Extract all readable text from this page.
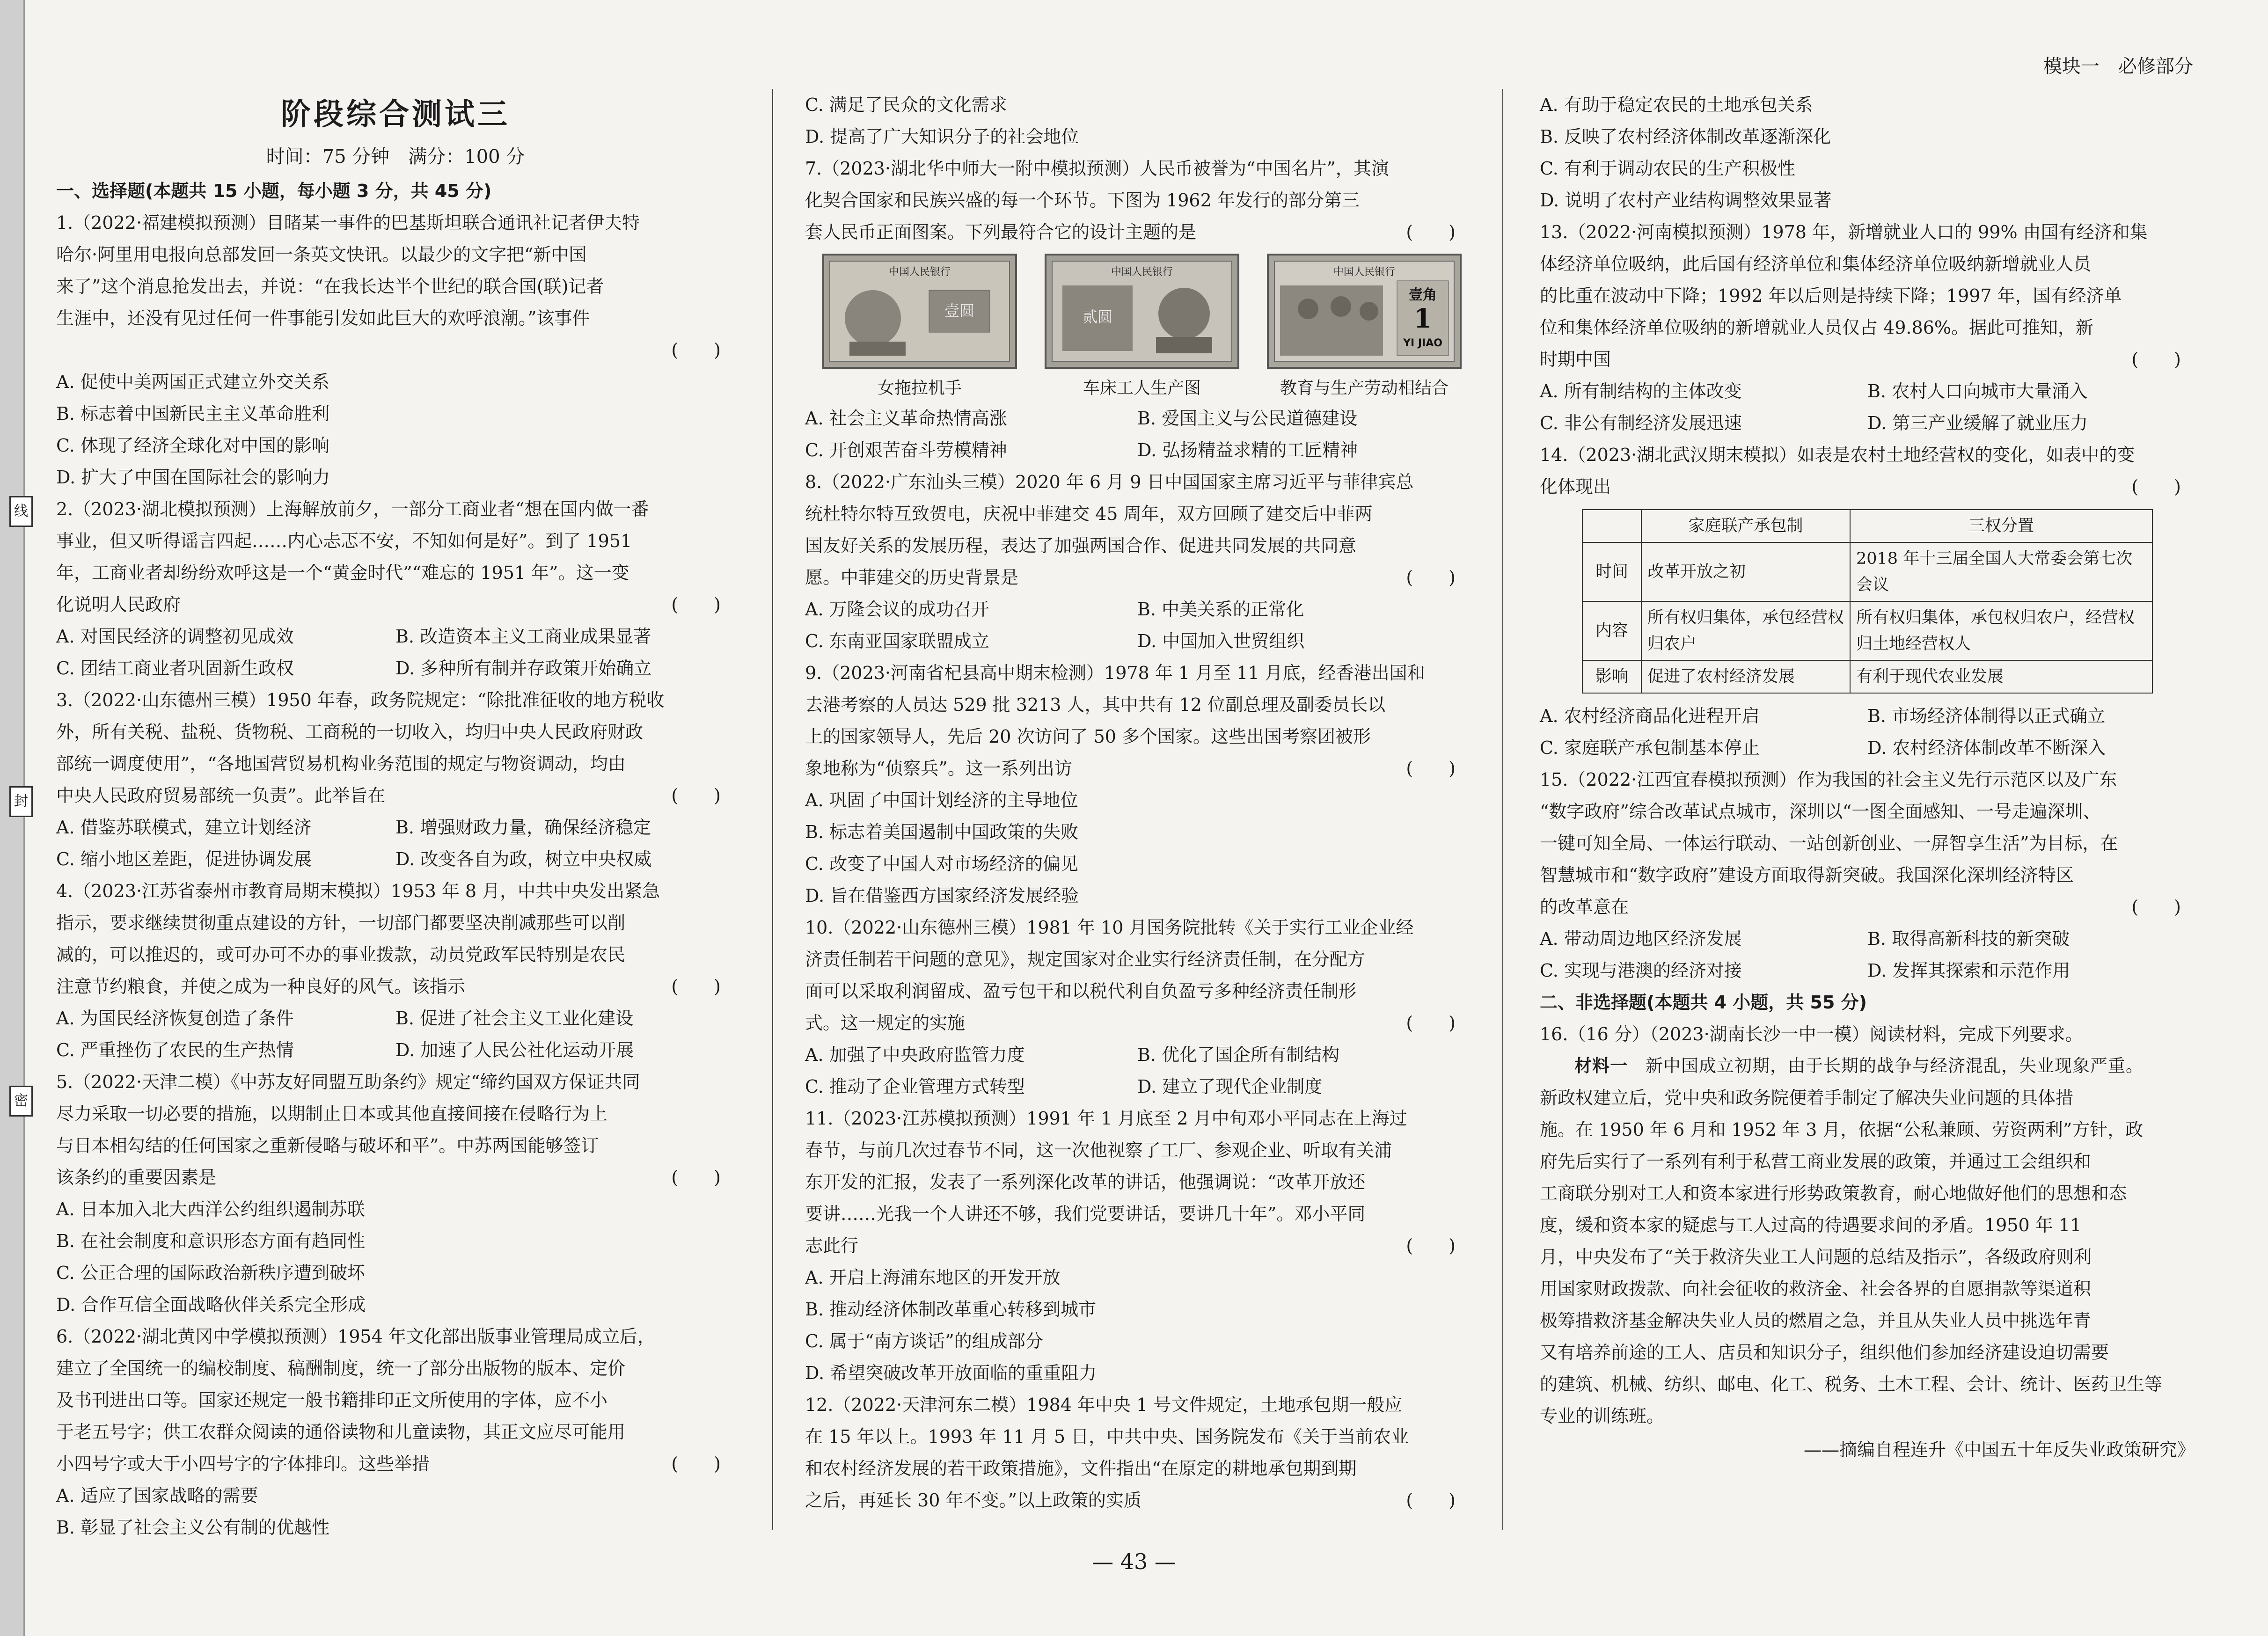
线
封
密
模块一　必修部分
阶段综合测试三
时间：75 分钟　满分：100 分
一、选择题(本题共 15 小题，每小题 3 分，共 45 分)

1.（2022·福建模拟预测）目睹某一事件的巴基斯坦联合通讯社记者伊夫特

哈尔·阿里用电报向总部发回一条英文快讯。以最少的文字把“新中国

来了”这个消息抢发出去，并说：“在我长达半个世纪的联合国(联)记者

生涯中，还没有见过任何一件事能引发如此巨大的欢呼浪潮。”该事件

(　　)

A. 促使中美两国正式建立外交关系

B. 标志着中国新民主主义革命胜利

C. 体现了经济全球化对中国的影响

D. 扩大了中国在国际社会的影响力

2.（2023·湖北模拟预测）上海解放前夕，一部分工商业者“想在国内做一番

事业，但又听得谣言四起……内心忐忑不安，不知如何是好”。到了 1951

年，工商业者却纷纷欢呼这是一个“黄金时代”“难忘的 1951 年”。这一变

化说明人民政府	(　　)

A. 对国民经济的调整初见成效	B. 改造资本主义工商业成果显著
C. 团结工商业者巩固新生政权	D. 多种所有制并存政策开始确立

3.（2022·山东德州三模）1950 年春，政务院规定：“除批准征收的地方税收

外，所有关税、盐税、货物税、工商税的一切收入，均归中央人民政府财政

部统一调度使用”，“各地国营贸易机构业务范围的规定与物资调动，均由

中央人民政府贸易部统一负责”。此举旨在	(　　)

A. 借鉴苏联模式，建立计划经济	B. 增强财政力量，确保经济稳定
C. 缩小地区差距，促进协调发展	D. 改变各自为政，树立中央权威

4.（2023·江苏省泰州市教育局期末模拟）1953 年 8 月，中共中央发出紧急

指示，要求继续贯彻重点建设的方针，一切部门都要坚决削减那些可以削

减的，可以推迟的，或可办可不办的事业拨款，动员党政军民特别是农民

注意节约粮食，并使之成为一种良好的风气。该指示	(　　)

A. 为国民经济恢复创造了条件	B. 促进了社会主义工业化建设
C. 严重挫伤了农民的生产热情	D. 加速了人民公社化运动开展

5.（2022·天津二模）《中苏友好同盟互助条约》规定“缔约国双方保证共同

尽力采取一切必要的措施，以期制止日本或其他直接间接在侵略行为上

与日本相勾结的任何国家之重新侵略与破坏和平”。中苏两国能够签订

该条约的重要因素是	(　　)

A. 日本加入北大西洋公约组织遏制苏联

B. 在社会制度和意识形态方面有趋同性

C. 公正合理的国际政治新秩序遭到破坏

D. 合作互信全面战略伙伴关系完全形成

6.（2022·湖北黄冈中学模拟预测）1954 年文化部出版事业管理局成立后，

建立了全国统一的编校制度、稿酬制度，统一了部分出版物的版本、定价

及书刊进出口等。国家还规定一般书籍排印正文所使用的字体，应不小

于老五号字；供工农群众阅读的通俗读物和儿童读物，其正文应尽可能用

小四号字或大于小四号字的字体排印。这些举措	(　　)

A. 适应了国家战略的需要

B. 彰显了社会主义公有制的优越性

C. 满足了民众的文化需求

D. 提高了广大知识分子的社会地位

7.（2023·湖北华中师大一附中模拟预测）人民币被誉为“中国名片”，其演

化契合国家和民族兴盛的每一个环节。下图为 1962 年发行的部分第三

套人民币正面图案。下列最符合它的设计主题的是	(　　)

中国人民银行
壹圆
女拖拉机手
中国人民银行
贰圆
车床工人生产图
中国人民银行
壹角
1
YI JIAO
教育与生产劳动相结合
A. 社会主义革命热情高涨	B. 爱国主义与公民道德建设
C. 开创艰苦奋斗劳模精神	D. 弘扬精益求精的工匠精神

8.（2022·广东汕头三模）2020 年 6 月 9 日中国国家主席习近平与菲律宾总

统杜特尔特互致贺电，庆祝中菲建交 45 周年，双方回顾了建交后中菲两

国友好关系的发展历程，表达了加强两国合作、促进共同发展的共同意

愿。中菲建交的历史背景是	(　　)

A. 万隆会议的成功召开	B. 中美关系的正常化
C. 东南亚国家联盟成立	D. 中国加入世贸组织

9.（2023·河南省杞县高中期末检测）1978 年 1 月至 11 月底，经香港出国和

去港考察的人员达 529 批 3213 人，其中共有 12 位副总理及副委员长以

上的国家领导人，先后 20 次访问了 50 多个国家。这些出国考察团被形

象地称为“侦察兵”。这一系列出访	(　　)

A. 巩固了中国计划经济的主导地位

B. 标志着美国遏制中国政策的失败

C. 改变了中国人对市场经济的偏见

D. 旨在借鉴西方国家经济发展经验

10.（2022·山东德州三模）1981 年 10 月国务院批转《关于实行工业企业经

济责任制若干问题的意见》，规定国家对企业实行经济责任制，在分配方

面可以采取利润留成、盈亏包干和以税代利自负盈亏多种经济责任制形

式。这一规定的实施	(　　)

A. 加强了中央政府监管力度	B. 优化了国企所有制结构
C. 推动了企业管理方式转型	D. 建立了现代企业制度

11.（2023·江苏模拟预测）1991 年 1 月底至 2 月中旬邓小平同志在上海过

春节，与前几次过春节不同，这一次他视察了工厂、参观企业、听取有关浦

东开发的汇报，发表了一系列深化改革的讲话，他强调说：“改革开放还

要讲……光我一个人讲还不够，我们党要讲话，要讲几十年”。邓小平同

志此行	(　　)

A. 开启上海浦东地区的开发开放

B. 推动经济体制改革重心转移到城市

C. 属于“南方谈话”的组成部分

D. 希望突破改革开放面临的重重阻力

12.（2022·天津河东二模）1984 年中央 1 号文件规定，土地承包期一般应

在 15 年以上。1993 年 11 月 5 日，中共中央、国务院发布《关于当前农业

和农村经济发展的若干政策措施》，文件指出“在原定的耕地承包期到期

之后，再延长 30 年不变。”以上政策的实质	(　　)

A. 有助于稳定农民的土地承包关系

B. 反映了农村经济体制改革逐渐深化

C. 有利于调动农民的生产积极性

D. 说明了农村产业结构调整效果显著

13.（2022·河南模拟预测）1978 年，新增就业人口的 99% 由国有经济和集

体经济单位吸纳，此后国有经济单位和集体经济单位吸纳新增就业人员

的比重在波动中下降；1992 年以后则是持续下降；1997 年，国有经济单

位和集体经济单位吸纳的新增就业人员仅占 49.86%。据此可推知，新

时期中国	(　　)

A. 所有制结构的主体改变	B. 农村人口向城市大量涌入
C. 非公有制经济发展迅速	D. 第三产业缓解了就业压力

14.（2023·湖北武汉期末模拟）如表是农村土地经营权的变化，如表中的变

化体现出	(　　)

	家庭联产承包制	三权分置
时间	改革开放之初	2018 年十三届全国人大常委会第七次会议
内容	所有权归集体，承包经营权归农户	所有权归集体，承包权归农户，经营权归土地经营权人
影响	促进了农村经济发展	有利于现代农业发展
A. 农村经济商品化进程开启	B. 市场经济体制得以正式确立
C. 家庭联产承包制基本停止	D. 农村经济体制改革不断深入

15.（2022·江西宜春模拟预测）作为我国的社会主义先行示范区以及广东

“数字政府”综合改革试点城市，深圳以“一图全面感知、一号走遍深圳、

一键可知全局、一体运行联动、一站创新创业、一屏智享生活”为目标，在

智慧城市和“数字政府”建设方面取得新突破。我国深化深圳经济特区

的改革意在	(　　)

A. 带动周边地区经济发展	B. 取得高新科技的新突破
C. 实现与港澳的经济对接	D. 发挥其探索和示范作用
二、非选择题(本题共 4 小题，共 55 分)

16.（16 分）（2023·湖南长沙一中一模）阅读材料，完成下列要求。

材料一　 新中国成立初期，由于长期的战争与经济混乱，失业现象严重。

新政权建立后，党中央和政务院便着手制定了解决失业问题的具体措

施。在 1950 年 6 月和 1952 年 3 月，依据“公私兼顾、劳资两利”方针，政

府先后实行了一系列有利于私营工商业发展的政策，并通过工会组织和

工商联分别对工人和资本家进行形势政策教育，耐心地做好他们的思想和态

度，缓和资本家的疑虑与工人过高的待遇要求间的矛盾。1950 年 11

月，中央发布了“关于救济失业工人问题的总结及指示”，各级政府则利

用国家财政拨款、向社会征收的救济金、社会各界的自愿捐款等渠道积

极筹措救济基金解决失业人员的燃眉之急，并且从失业人员中挑选年青

又有培养前途的工人、店员和知识分子，组织他们参加经济建设迫切需要

的建筑、机械、纺织、邮电、化工、税务、土木工程、会计、统计、医药卫生等

专业的训练班。

——摘编自程连升《中国五十年反失业政策研究》
— 43 —
